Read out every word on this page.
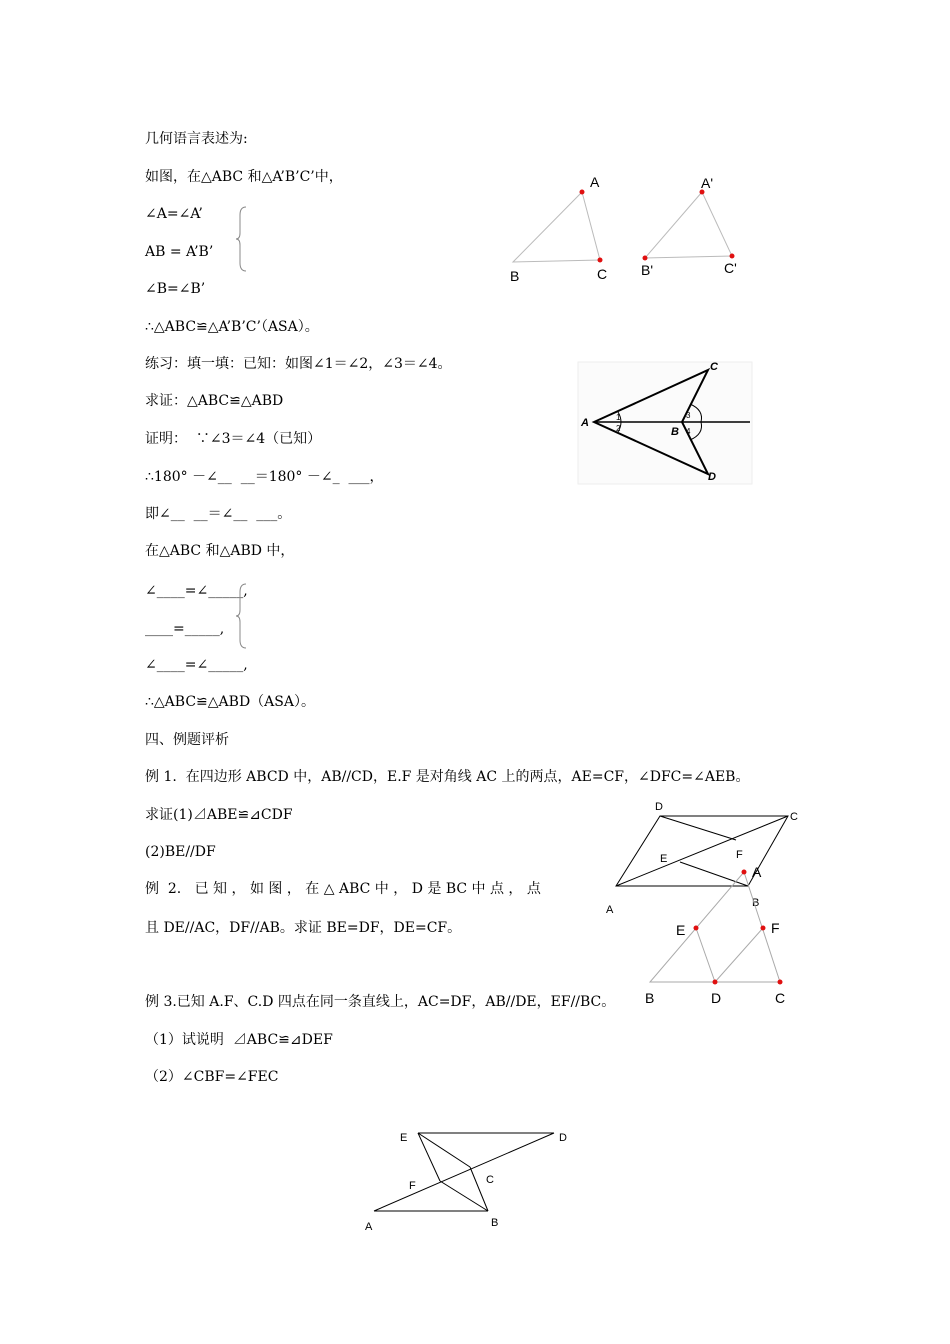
几何语言表述为:
如图，在△ABC 和△A’B’C’中，
∠A=∠A’
AB = A’B’
∠B=∠B’
∴△ABC≌△A’B’C’（ASA）。
练习：填一填：已知：如图∠1＝∠2，∠3＝∠4。
求证：△ABC≌△ABD
证明：  ∵∠3＝∠4（已知）
∴180° －∠__  __＝180° －∠_  ___，
即∠__  __＝∠__  ___。
在△ABC 和△ABD 中，
∠____=∠_____,
____=_____,
∠____=∠_____,
∴△ABC≌△ABD（ASA）。
四、例题评析
例 1.  在四边形 ABCD 中，AB//CD，E.F 是对角线 AC 上的两点，AE=CF，∠DFC=∠AEB。
求证(1)⊿ABE≌⊿CDF
(2)BE//DF
例  2.   已 知 ， 如 图 ， 在 △ ABC 中 ， D 是 BC 中 点 ， 点
且 DE//AC，DF//AB。求证 BE=DF，DE=CF。
例 3.已知 A.F、C.D 四点在同一条直线上，AC=DF，AB//DE，EF//BC。
（1）试说明  ⊿ABC≌⊿DEF
（2）∠CBF=∠FEC
A
B	C
A'
B'	C'
A
B
C
D
1
2
3
4
A
B
C
D
E	F
A
B	C
D
E	F
A	B
C
D
E
F
